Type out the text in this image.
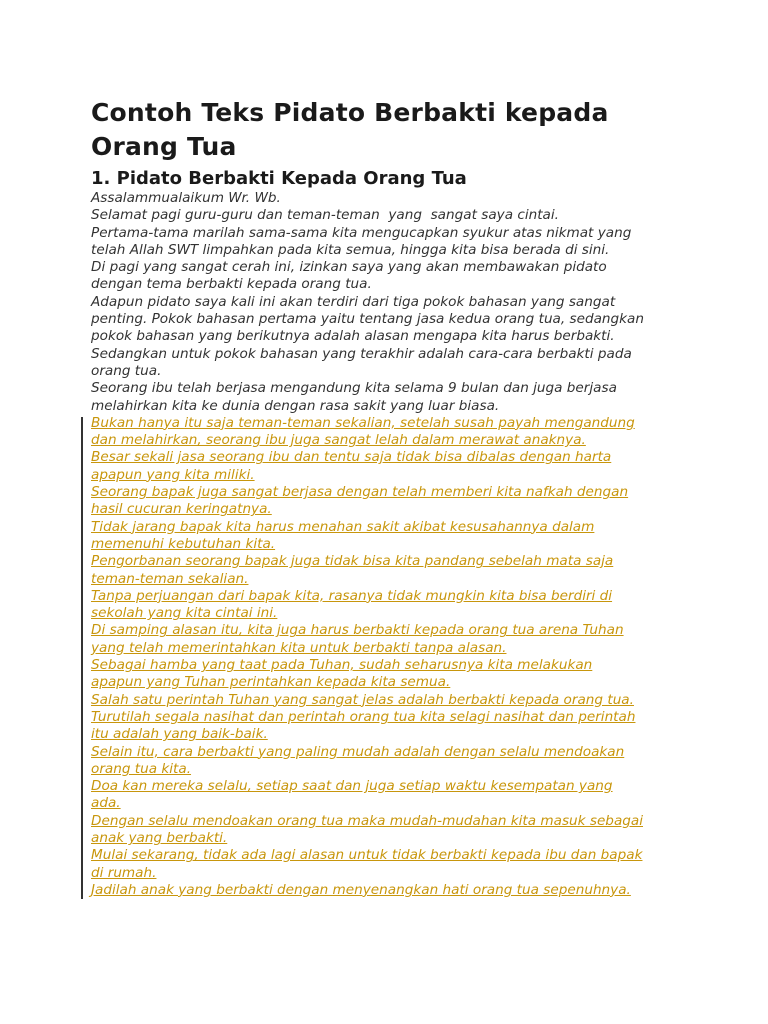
Contoh Teks Pidato Berbakti kepada
Orang Tua
1. Pidato Berbakti Kepada Orang Tua

Assalammualaikum Wr. Wb.

Selamat pagi guru-guru dan teman-teman  yang  sangat saya cintai.

Pertama-tama marilah sama-sama kita mengucapkan syukur atas nikmat yang
telah Allah SWT limpahkan pada kita semua, hingga kita bisa berada di sini.

Di pagi yang sangat cerah ini, izinkan saya yang akan membawakan pidato
dengan tema berbakti kepada orang tua.

Adapun pidato saya kali ini akan terdiri dari tiga pokok bahasan yang sangat
penting. Pokok bahasan pertama yaitu tentang jasa kedua orang tua, sedangkan
pokok bahasan yang berikutnya adalah alasan mengapa kita harus berbakti.
Sedangkan untuk pokok bahasan yang terakhir adalah cara-cara berbakti pada
orang tua.

Seorang ibu telah berjasa mengandung kita selama 9 bulan dan juga berjasa
melahirkan kita ke dunia dengan rasa sakit yang luar biasa.

Bukan hanya itu saja teman-teman sekalian, setelah susah payah mengandung
dan melahirkan, seorang ibu juga sangat lelah dalam merawat anaknya.
Besar sekali jasa seorang ibu dan tentu saja tidak bisa dibalas dengan harta
apapun yang kita miliki.
Seorang bapak juga sangat berjasa dengan telah memberi kita nafkah dengan
hasil cucuran keringatnya.
Tidak jarang bapak kita harus menahan sakit akibat kesusahannya dalam
memenuhi kebutuhan kita.
Pengorbanan seorang bapak juga tidak bisa kita pandang sebelah mata saja
teman-teman sekalian.
Tanpa perjuangan dari bapak kita, rasanya tidak mungkin kita bisa berdiri di
sekolah yang kita cintai ini.
Di samping alasan itu, kita juga harus berbakti kepada orang tua arena Tuhan
yang telah memerintahkan kita untuk berbakti tanpa alasan.
Sebagai hamba yang taat pada Tuhan, sudah seharusnya kita melakukan
apapun yang Tuhan perintahkan kepada kita semua.
Salah satu perintah Tuhan yang sangat jelas adalah berbakti kepada orang tua.
Turutilah segala nasihat dan perintah orang tua kita selagi nasihat dan perintah
itu adalah yang baik-baik.
Selain itu, cara berbakti yang paling mudah adalah dengan selalu mendoakan
orang tua kita.
Doa kan mereka selalu, setiap saat dan juga setiap waktu kesempatan yang
ada.
Dengan selalu mendoakan orang tua maka mudah-mudahan kita masuk sebagai
anak yang berbakti.
Mulai sekarang, tidak ada lagi alasan untuk tidak berbakti kepada ibu dan bapak
di rumah.
Jadilah anak yang berbakti dengan menyenangkan hati orang tua sepenuhnya.
